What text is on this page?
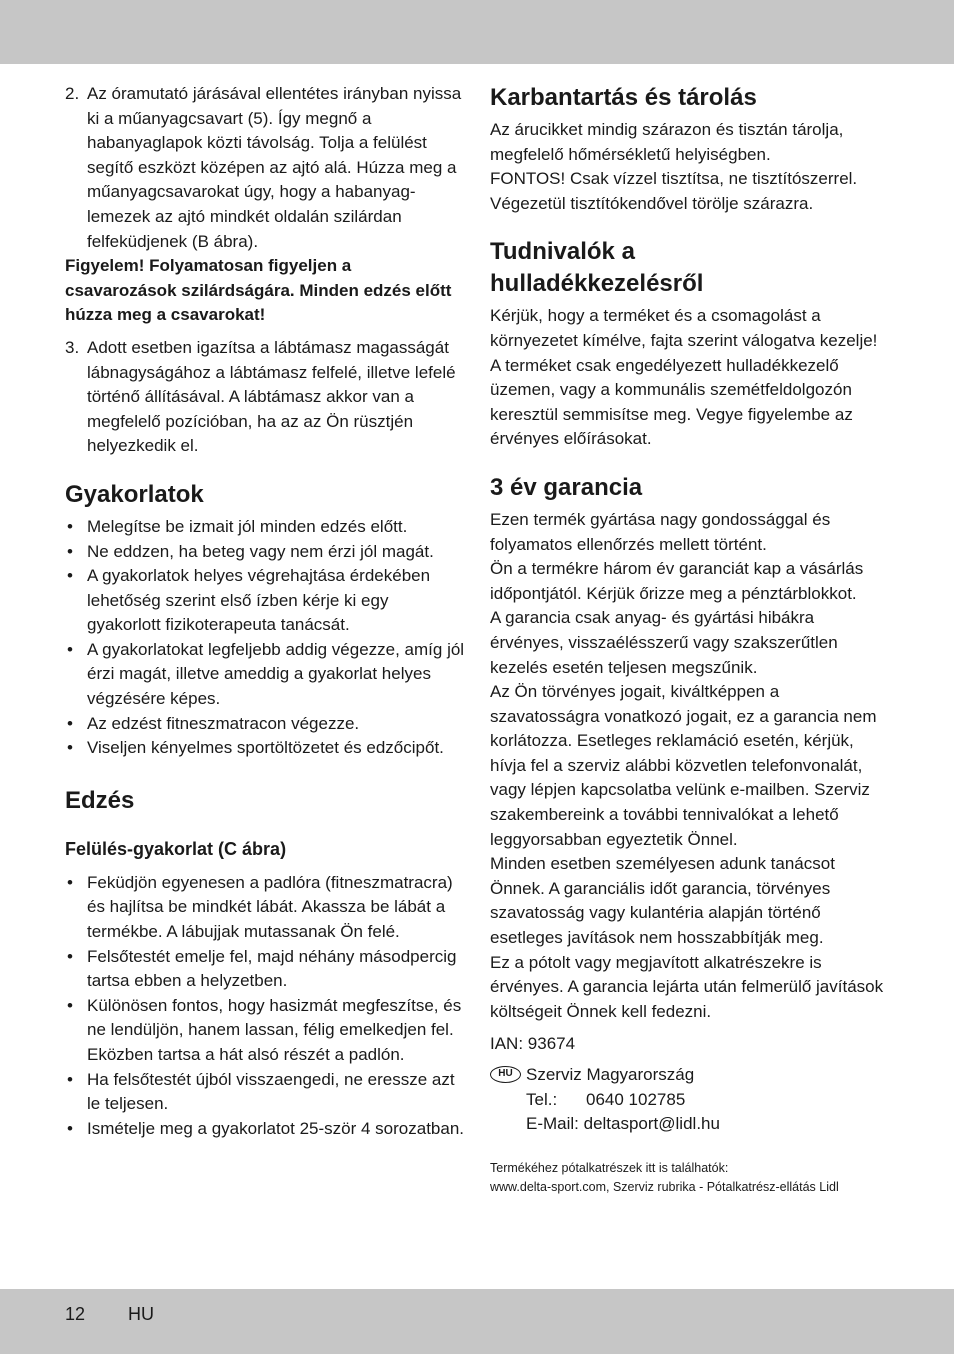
2. Az óramutató járásával ellentétes irányban nyissa ki a műanyagcsavart (5). Így megnő a habanyaglapok közti távolság. Tolja a felülést segítő eszközt középen az ajtó alá. Húzza meg a műanyagcsavarokat úgy, hogy a habanyag-lemezek az ajtó mindkét oldalán szilárdan felfeküdjenek (B ábra).

Figyelem! Folyamatosan figyeljen a csavarozások szilárdságára. Minden edzés előtt húzza meg a csavarokat!

3. Adott esetben igazítsa a lábtámasz magasságát lábnagyságához a lábtámasz felfelé, illetve lefelé történő állításával. A lábtámasz akkor van a megfelelő pozícióban, ha az az Ön rüsztjén helyezkedik el.
Gyakorlatok
• Melegítse be izmait jól minden edzés előtt.
• Ne eddzen, ha beteg vagy nem érzi jól magát.
• A gyakorlatok helyes végrehajtása érdekében lehetőség szerint első ízben kérje ki egy gyakorlott fizikoterapeuta tanácsát.
• A gyakorlatokat legfeljebb addig végezze, amíg jól érzi magát, illetve ameddig a gyakorlat helyes végzésére képes.
• Az edzést fitneszmatracon végezze.
• Viseljen kényelmes sportöltözetet és edzőcipőt.
Edzés
Felülés-gyakorlat (C ábra)
• Feküdjön egyenesen a padlóra (fitneszmatracra) és hajlítsa be mindkét lábát. Akassza be lábát a termékbe. A lábujjak mutassanak Ön felé.
• Felsőtestét emelje fel, majd néhány másodpercig tartsa ebben a helyzetben.
• Különösen fontos, hogy hasizmát megfeszítse, és ne lendüljön, hanem lassan, félig emelkedjen fel. Eközben tartsa a hát alsó részét a padlón.
• Ha felsőtestét újból visszaengedi, ne eressze azt le teljesen.
• Ismételje meg a gyakorlatot 25-ször 4 sorozatban.
Karbantartás és tárolás

Az árucikket mindig szárazon és tisztán tárolja, megfelelő hőmérsékletű helyiségben.

FONTOS! Csak vízzel tisztítsa, ne tisztítószerrel. Végezetül tisztítókendővel törölje szárazra.

Tudnivalók a
hulladékkezelésről

Kérjük, hogy a terméket és a csomagolást a környezetet kímélve, fajta szerint válogatva kezelje!

A terméket csak engedélyezett hulladékkezelő üzemen, vagy a kommunális szemétfeldolgozón keresztül semmisítse meg. Vegye figyelembe az érvényes előírásokat.

3 év garancia

Ezen termék gyártása nagy gondossággal és folyamatos ellenőrzés mellett történt.

Ön a termékre három év garanciát kap a vásárlás időpontjától. Kérjük őrizze meg a pénztárblokkot.

A garancia csak anyag- és gyártási hibákra érvényes, visszaélésszerű vagy szakszerűtlen kezelés esetén teljesen megszűnik.

Az Ön törvényes jogait, kiváltképpen a szavatosságra vonatkozó jogait, ez a garancia nem korlátozza. Esetleges reklamáció esetén, kérjük, hívja fel a szerviz alábbi közvetlen telefonvonalát, vagy lépjen kapcsolatba velünk e-mailben. Szerviz szakembereink a további tennivalókat a lehető leggyorsabban egyeztetik Önnel.

Minden esetben személyesen adunk tanácsot Önnek. A garanciális időt garancia, törvényes szavatosság vagy kulantéria alapján történő esetleges javítások nem hosszabbítják meg.

Ez a pótolt vagy megjavított alkatrészekre is érvényes. A garancia lejárta után felmerülő javítások költségeit Önnek kell fedezni.

IAN: 93674

HU Szerviz Magyarország
Tel.:	0640 102785
E-Mail: deltasport@lidl.hu
Termékéhez pótalkatrészek itt is találhatók:
www.delta-sport.com, Szerviz rubrika - Pótalkatrész-ellátás Lidl
12 HU
